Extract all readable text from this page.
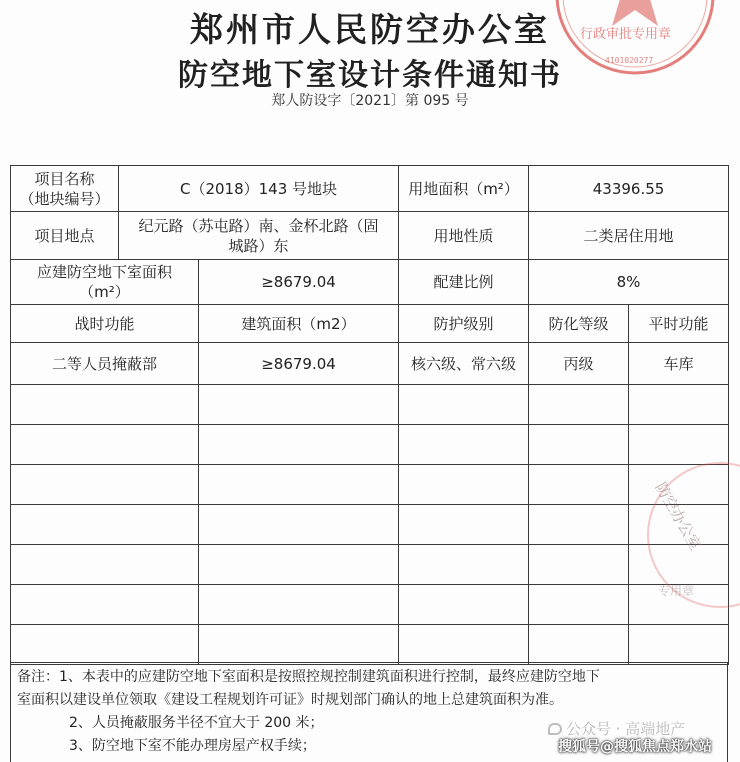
郑州市人民防空办公室
防空地下室设计条件通知书
郑人防设字〔2021〕第 095 号
行政审批专用章
4101020277
项目名称
（地块编号）	C（2018）143 号地块		用地面积（m²）	43396.55	
项目地点	纪元路（苏屯路）南、金杯北路（固
城路）东		用地性质	二类居住用地	
应建防空地下室面积
（m²）		≥8679.04	配建比例	8%	
战时功能		建筑面积（m2）	防护级别	防化等级	平时功能
二等人员掩蔽部		≥8679.04	核六级、常六级	丙级	车库

防空办公室
专用章

备注：1、本表中的应建防空地下室面积是按照控规控制建筑面积进行控制，最终应建防空地下

室面积以建设单位领取《建设工程规划许可证》时规划部门确认的地上总建筑面积为准。

2、人员掩蔽服务半径不宜大于 200 米；

3、防空地下室不能办理房屋产权手续；

公众号 · 高端地产
搜狐号@搜狐焦点郑水站
